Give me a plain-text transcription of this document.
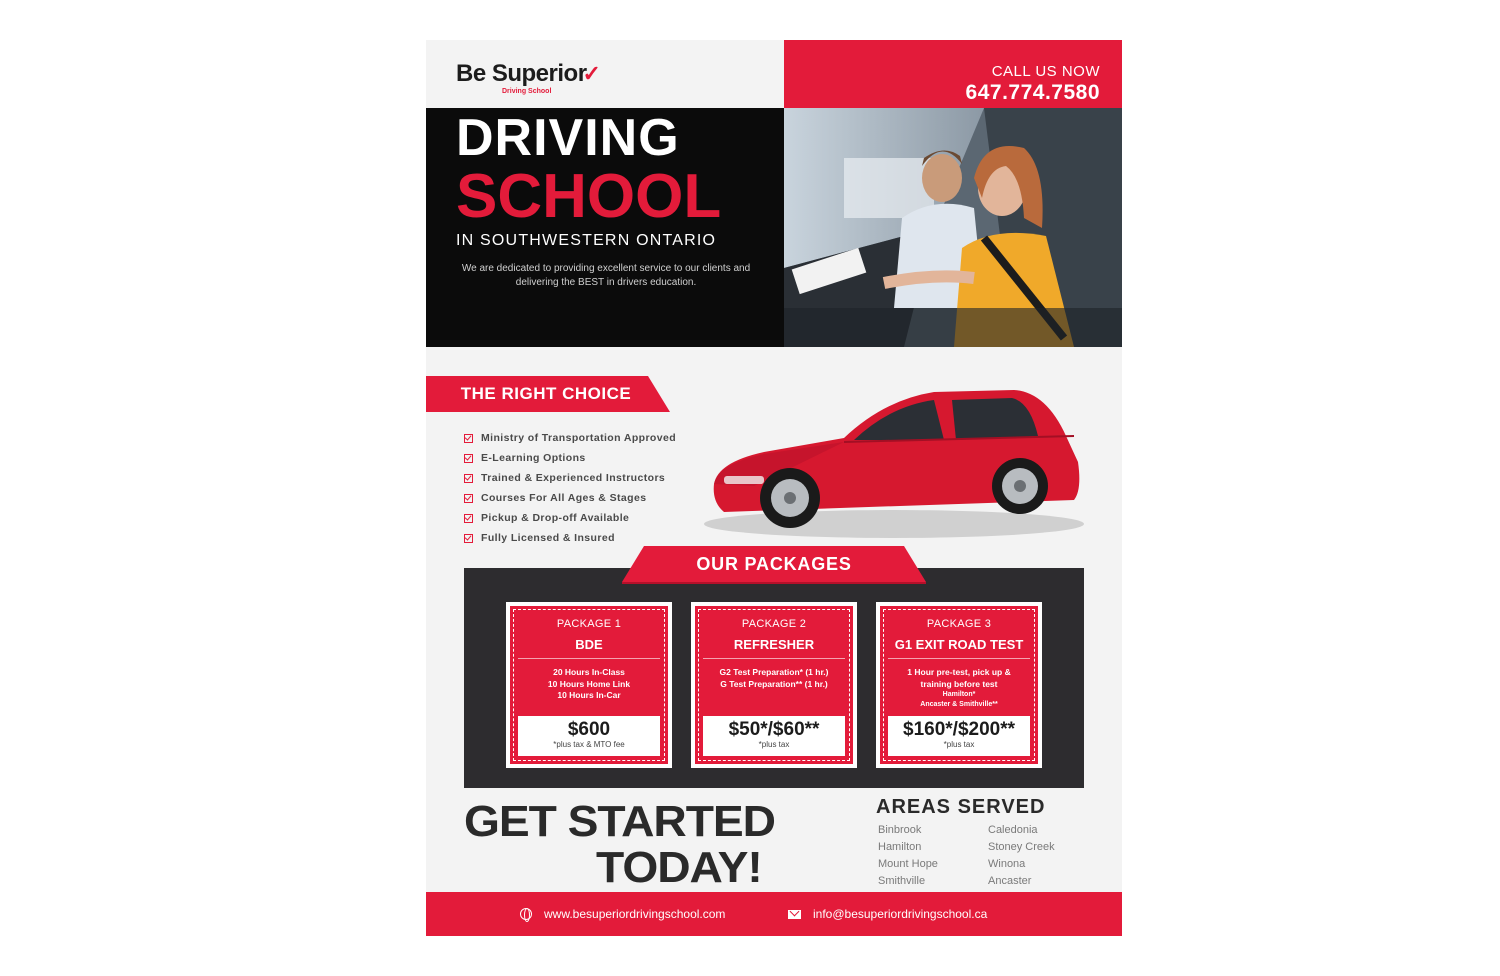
Be Superior✓
Driving School
CALL US NOW
647.774.7580
DRIVING
SCHOOL
IN SOUTHWESTERN ONTARIO
We are dedicated to providing excellent service to our clients and delivering the BEST in drivers education.
THE RIGHT CHOICE
Ministry of Transportation Approved
E-Learning Options
Trained & Experienced Instructors
Courses For All Ages & Stages
Pickup & Drop-off Available
Fully Licensed & Insured
OUR PACKAGES
PACKAGE 1
BDE
20 Hours In-Class
10 Hours Home Link
10 Hours In-Car
$600
*plus tax & MTO fee
PACKAGE 2
REFRESHER
G2 Test Preparation* (1 hr.)
G Test Preparation** (1 hr.)
$50*/$60**
*plus tax
PACKAGE 3
G1 EXIT ROAD TEST
1 Hour pre-test, pick up &
training before test
Hamilton*
Ancaster & Smithville**
$160*/$200**
*plus tax
GET STARTED
TODAY!
AREAS SERVED
Binbrook
Hamilton
Mount Hope
Smithville
Caledonia
Stoney Creek
Winona
Ancaster
www.besuperiordrivingschool.com	info@besuperiordrivingschool.ca
